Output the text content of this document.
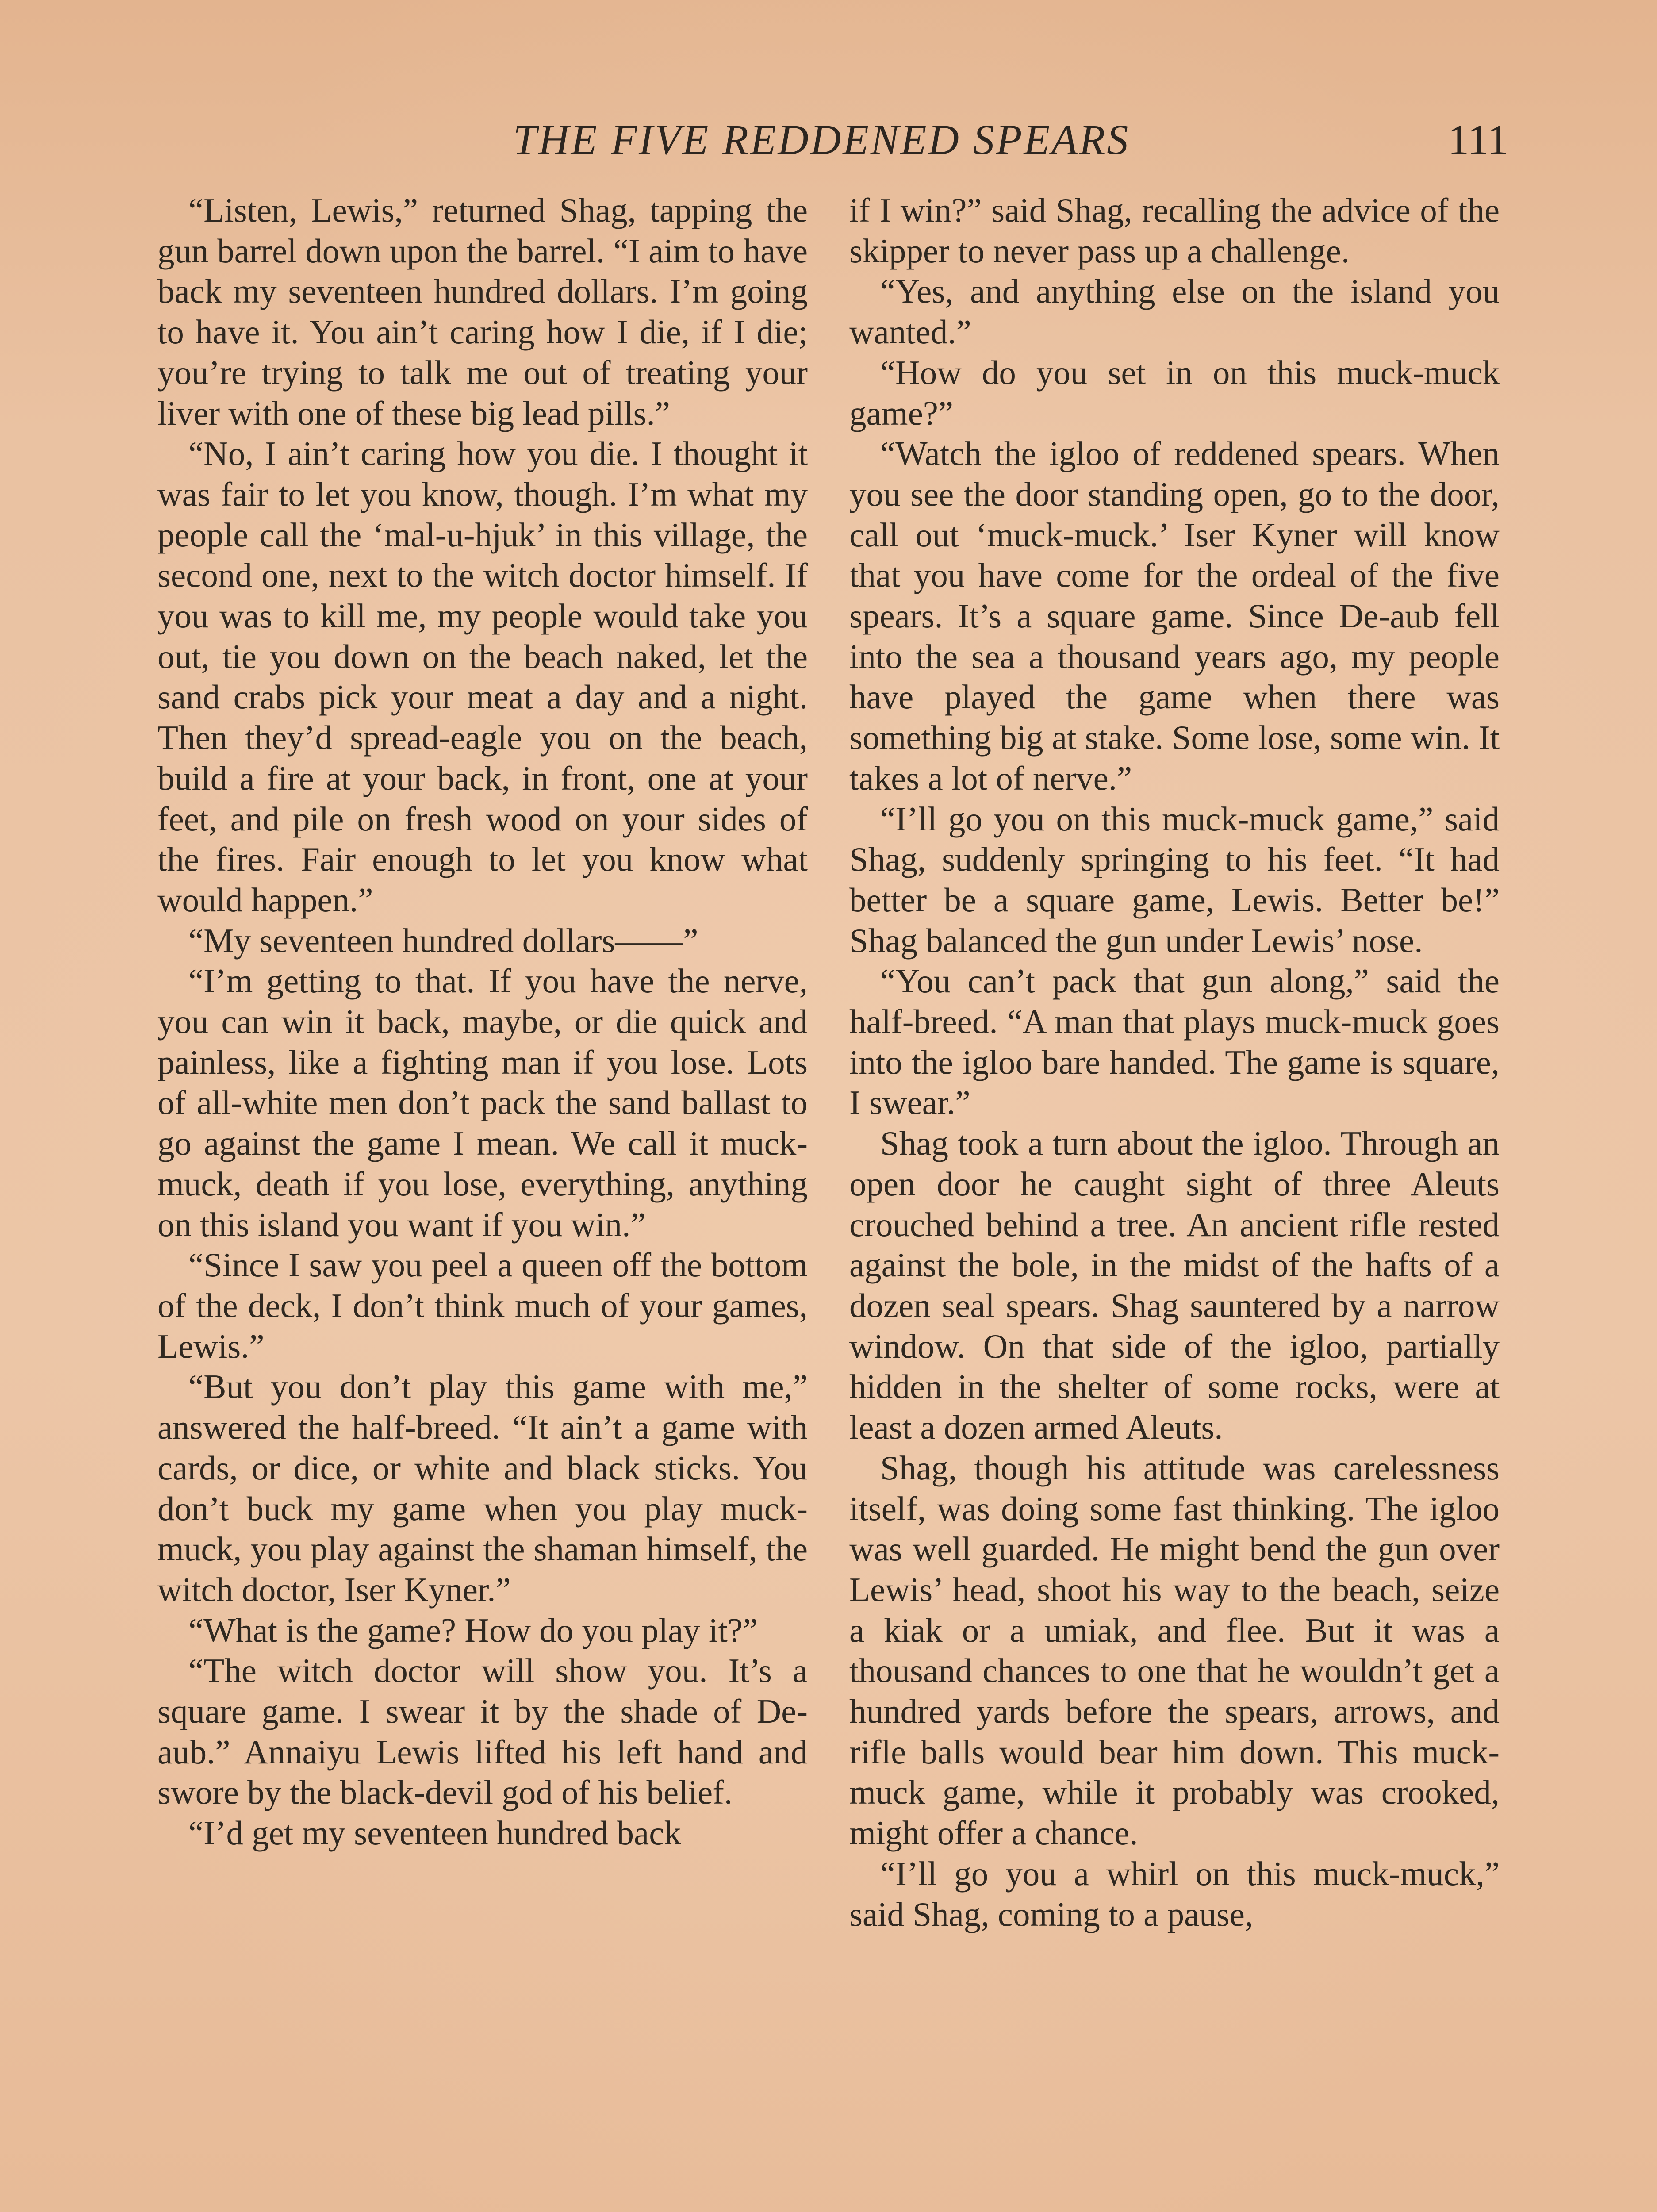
THE FIVE REDDENED SPEARS	111

“Listen, Lewis,” returned Shag, tapping the gun barrel down upon the barrel. “I aim to have back my seventeen hundred dollars. I’m going to have it. You ain’t caring how I die, if I die; you’re trying to talk me out of treating your liver with one of these big lead pills.”

“No, I ain’t caring how you die. I thought it was fair to let you know, though. I’m what my people call the ‘mal-u-hjuk’ in this village, the second one, next to the witch doctor himself. If you was to kill me, my people would take you out, tie you down on the beach naked, let the sand crabs pick your meat a day and a night. Then they’d spread-eagle you on the beach, build a fire at your back, in front, one at your feet, and pile on fresh wood on your sides of the fires. Fair enough to let you know what would happen.”

“My seventeen hundred dollars——”

“I’m getting to that. If you have the nerve, you can win it back, maybe, or die quick and painless, like a fighting man if you lose. Lots of all-white men don’t pack the sand ballast to go against the game I mean. We call it muck-muck, death if you lose, everything, anything on this island you want if you win.”

“Since I saw you peel a queen off the bottom of the deck, I don’t think much of your games, Lewis.”

“But you don’t play this game with me,” answered the half-breed. “It ain’t a game with cards, or dice, or white and black sticks. You don’t buck my game when you play muck-muck, you play against the shaman himself, the witch doctor, Iser Kyner.”

“What is the game? How do you play it?”

“The witch doctor will show you. It’s a square game. I swear it by the shade of De-aub.” Annaiyu Lewis lifted his left hand and swore by the black-devil god of his belief.

“I’d get my seventeen hundred back

if I win?” said Shag, recalling the advice of the skipper to never pass up a challenge.

“Yes, and anything else on the island you wanted.”

“How do you set in on this muck-muck game?”

“Watch the igloo of reddened spears. When you see the door standing open, go to the door, call out ‘muck-muck.’ Iser Kyner will know that you have come for the ordeal of the five spears. It’s a square game. Since De-aub fell into the sea a thousand years ago, my people have played the game when there was something big at stake. Some lose, some win. It takes a lot of nerve.”

“I’ll go you on this muck-muck game,” said Shag, suddenly springing to his feet. “It had better be a square game, Lewis. Better be!” Shag balanced the gun under Lewis’ nose.

“You can’t pack that gun along,” said the half-breed. “A man that plays muck-muck goes into the igloo bare handed. The game is square, I swear.”

Shag took a turn about the igloo. Through an open door he caught sight of three Aleuts crouched behind a tree. An ancient rifle rested against the bole, in the midst of the hafts of a dozen seal spears. Shag sauntered by a narrow window. On that side of the igloo, partially hidden in the shelter of some rocks, were at least a dozen armed Aleuts.

Shag, though his attitude was carelessness itself, was doing some fast thinking. The igloo was well guarded. He might bend the gun over Lewis’ head, shoot his way to the beach, seize a kiak or a umiak, and flee. But it was a thousand chances to one that he wouldn’t get a hundred yards before the spears, arrows, and rifle balls would bear him down. This muck-muck game, while it probably was crooked, might offer a chance.

“I’ll go you a whirl on this muck-muck,” said Shag, coming to a pause,
